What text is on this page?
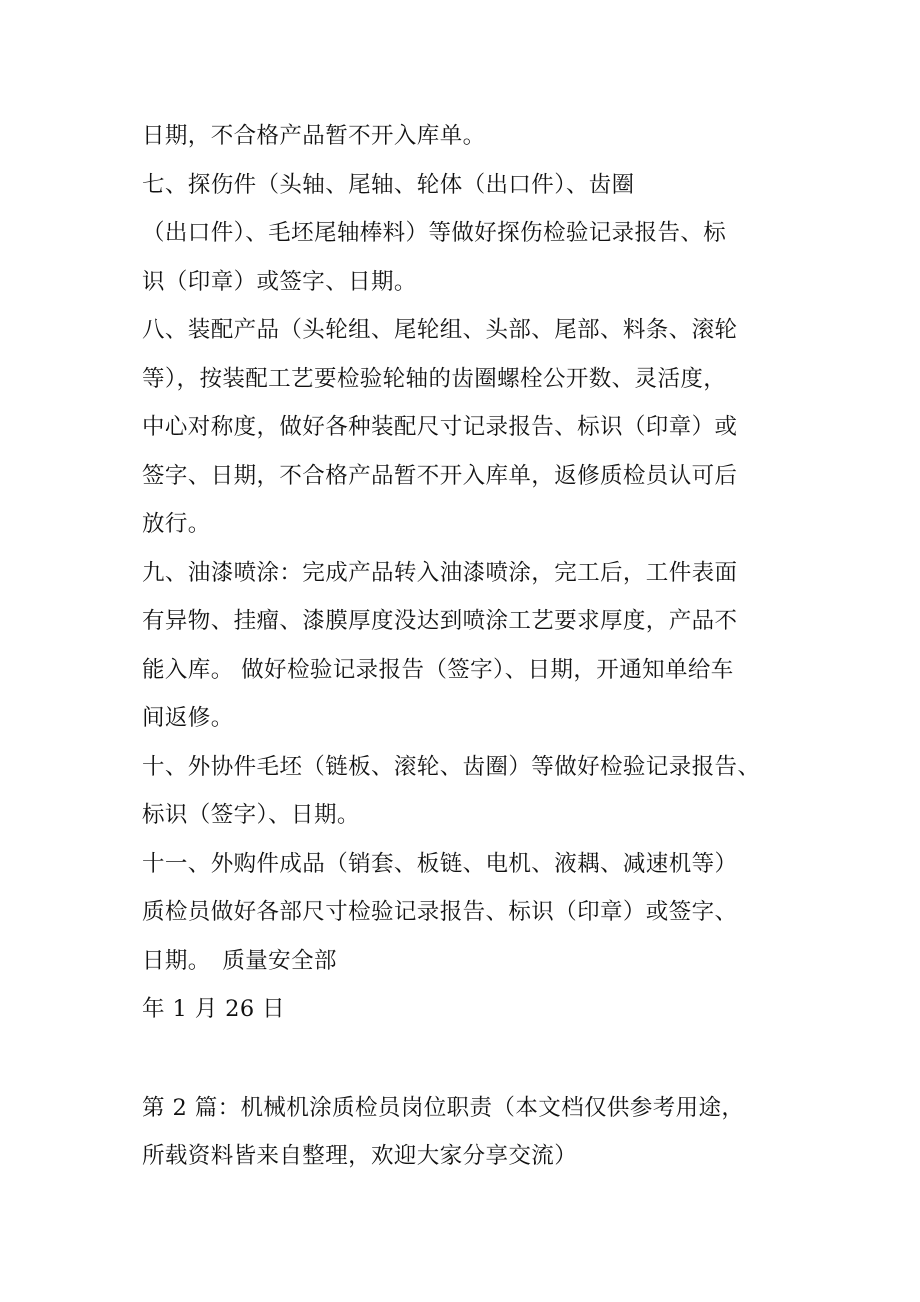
日期，不合格产品暂不开入库单。
七、探伤件（头轴、尾轴、轮体（出口件）、齿圈
（出口件）、毛坯尾轴棒料）等做好探伤检验记录报告、标
识（印章）或签字、日期。
八、装配产品（头轮组、尾轮组、头部、尾部、料条、滚轮
等），按装配工艺要检验轮轴的齿圈螺栓公开数、灵活度，
中心对称度，做好各种装配尺寸记录报告、标识（印章）或
签字、日期，不合格产品暂不开入库单，返修质检员认可后
放行。
九、油漆喷涂：完成产品转入油漆喷涂，完工后，工件表面
有异物、挂瘤、漆膜厚度没达到喷涂工艺要求厚度，产品不
能入库。 做好检验记录报告（签字）、日期，开通知单给车
间返修。
十、外协件毛坯（链板、滚轮、齿圈）等做好检验记录报告、
标识（签字）、日期。
十一、外购件成品（销套、板链、电机、液耦、减速机等）
质检员做好各部尺寸检验记录报告、标识（印章）或签字、
日期。　质量安全部
年 1 月 26 日
第 2 篇：机械机涂质检员岗位职责（本文档仅供参考用途，
所载资料皆来自整理，欢迎大家分享交流）
